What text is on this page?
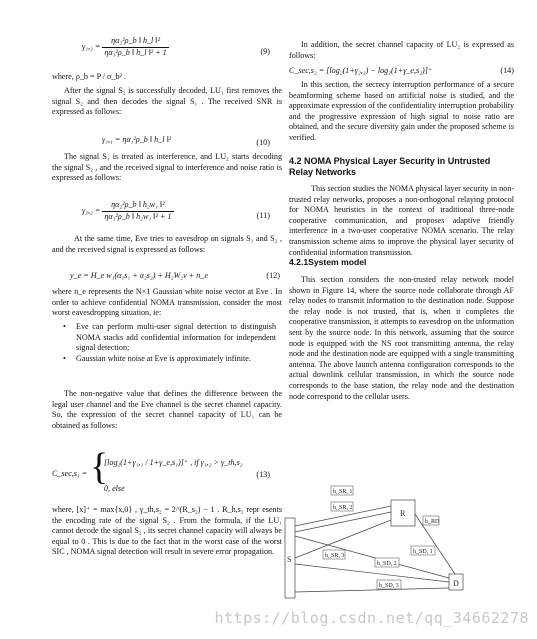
$\gamma_1,_2 = \frac{\text{ηα₂²ρ\_b ‖ h\_l ‖²}}{\text{ηα₁²ρ\_b ‖ h\_l ‖² + 1}}$	(9)
where, ρ_b = P / σ_b² .
After the signal S₂ is successfully decoded, LU₁ first removes the signal S₂ and then decodes the signal S₁ . The received SNR is expressed as follows:
γ₁,₁ = ηα₁²ρ_b ‖ h_l ‖²	(10)
The signal S₁ is treated as interference, and LU₂ starts decoding the signal S₂ , and the received signal to interference and noise ratio is expressed as follows:
$\gamma_2,_2 = \frac{\text{ηα₂²ρ\_b ‖ h₂w₁ ‖²}}{\text{ηα₁²ρ\_b ‖ h₂w₁ ‖² + 1}}$	(11)
At the same time, Eve tries to eavesdrop on signals S₁ and S₂ , and the received signal is expressed as follows:
y_e = H_e w₁(α₁s₁ + α₂s₂) + H₂W₂v + n_e	(12)
where n_e represents the N×1 Gaussian white noise vector at Eve . In order to achieve confidential NOMA transmission, consider the most worst eavesdropping situation, ie:
• Eve can perform multi-user signal detection to distinguish NOMA stacks add confidential information for independent signal detection;
• Gaussian white noise at Eve is approximately infinite.
The non-negative value that defines the difference between the legal user channel and the Eve channel is the secret channel capacity. So, the expression of the secret channel capacity of LU₁ can be obtained as follows:
C_sec,s₁ = {
[log₂(1+γ₁,₁ / 1+γ_e,s₁)]⁺ , if γ₁,₂ > γ_th,s₂
0, else
(13)
where, [x]⁺ = max{x,0} , γ_th,s₂ = 2^(R_s₂) − 1 . R_h,s₂ repr esents the encoding rate of the signal S₂ . From the formula, if the LU₁ cannot decode the signal S₂ , its secret channel capacity will always be equal to 0 . This is due to the fact that in the worst case of the worst SIC , NOMA signal detection will result in severe error propagation.
In addition, the secret channel capacity of LU₂ is expressed as follows:
C_sec,s₂ = [log₂(1+γ₂,₂) − log₂(1+γ_e,s₂)]⁺	(14)
In this section, the secrecy interruption performance of a secure beamforming scheme based on artificial noise is studied, and the approximate expression of the confidentiality interruption probability and the progressive expression of high signal to noise ratio are obtained, and the secure diversity gain under the proposed scheme is verified.
4.2 NOMA Physical Layer Security in Untrusted Relay Networks
This section studies the NOMA physical layer security in non-trusted relay networks, proposes a non-orthogonal relaying protocol for NOMA heuristics in the context of traditional three-node cooperative communication, and proposes adaptive friendly interference in a two-user cooperative NOMA scenario. The relay transmission scheme aims to improve the physical layer security of confidential information transmission.
4.2.1System model
This section considers the non-trusted relay network model shown in Figure 14, where the source node collaborate through AF relay nodes to transmit information to the destination node. Suppose the relay node is not trusted, that is, when it completes the cooperative transmission, it attempts to eavesdrop on the information sent by the source node. In this network, assuming that the source node is equipped with the NS root transmitting antenna, the relay node and the destination node are equipped with a single transmitting antenna. The above launch antenna configuration corresponds to the actual downlink cellular transmission, in which the source node corresponds to the base station, the relay node and the destination node correspond to the cellular users.
S
R
D
h_SR, 1
h_SR, 2
h_RD
h_SD, 1
h_SD, 2
h_SR, 3
h_SD, 3
https://blog.csdn.net/qq_34662278
